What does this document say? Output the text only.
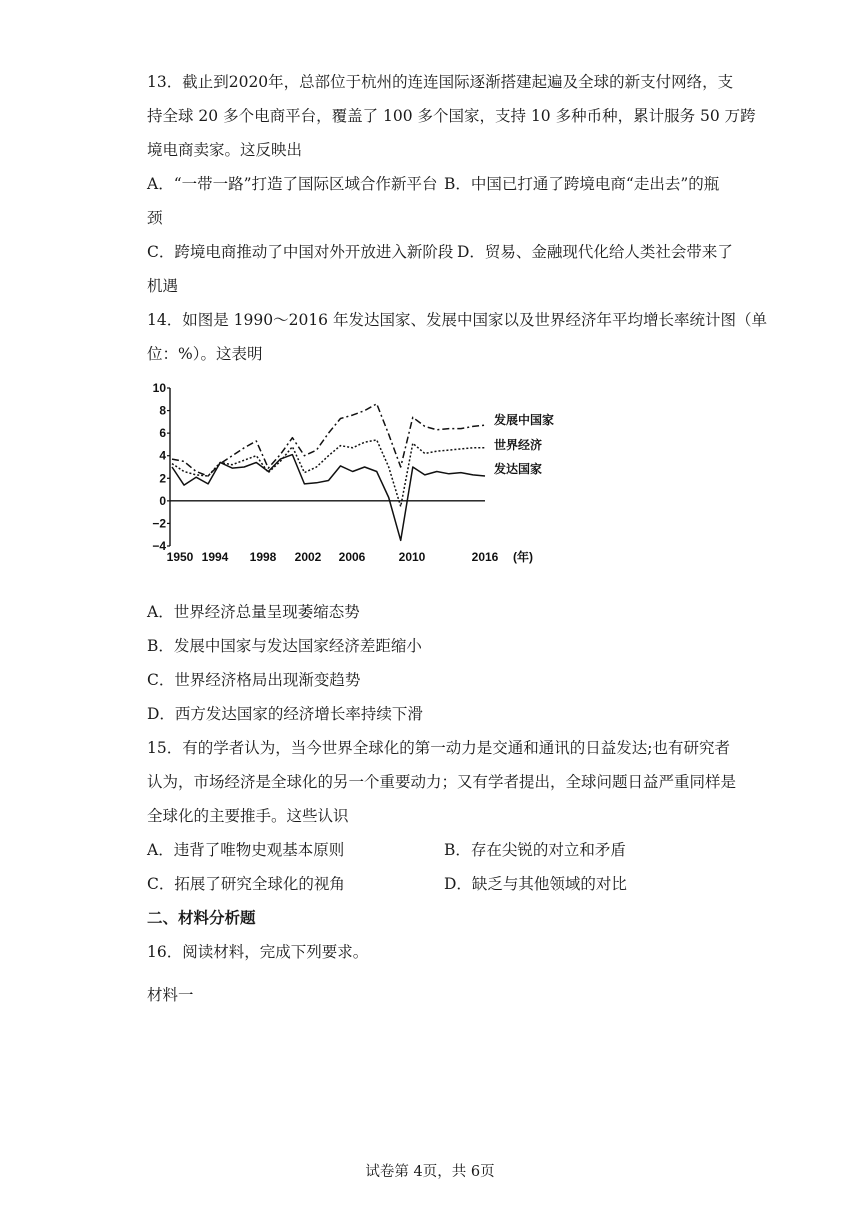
13．截止到2020年，总部位于杭州的连连国际逐渐搭建起遍及全球的新支付网络，支
持全球 20 多个电商平台，覆盖了 100 多个国家，支持 10 多种币种，累计服务 50 万跨
境电商卖家。这反映出
A．“一带一路”打造了国际区域合作新平台 B．中国已打通了跨境电商“走出去”的瓶
颈
C．跨境电商推动了中国对外开放进入新阶段 D．贸易、金融现代化给人类社会带来了
机遇
14．如图是 1990～2016 年发达国家、发展中国家以及世界经济年平均增长率统计图（单
位：%）。这表明
10
8
6
4
2
0
−2
−4
1950 1994 1998 2002 2006	2010	2016 (年)
发展中国家
世界经济
发达国家
A．世界经济总量呈现萎缩态势
B．发展中国家与发达国家经济差距缩小
C．世界经济格局出现渐变趋势
D．西方发达国家的经济增长率持续下滑
15．有的学者认为，当今世界全球化的第一动力是交通和通讯的日益发达;也有研究者
认为，市场经济是全球化的另一个重要动力；又有学者提出，全球问题日益严重同样是
全球化的主要推手。这些认识
A．违背了唯物史观基本原则	B．存在尖锐的对立和矛盾
C．拓展了研究全球化的视角	D．缺乏与其他领域的对比
二、材料分析题
16．阅读材料，完成下列要求。
材料一
试卷第 4页，共 6页
